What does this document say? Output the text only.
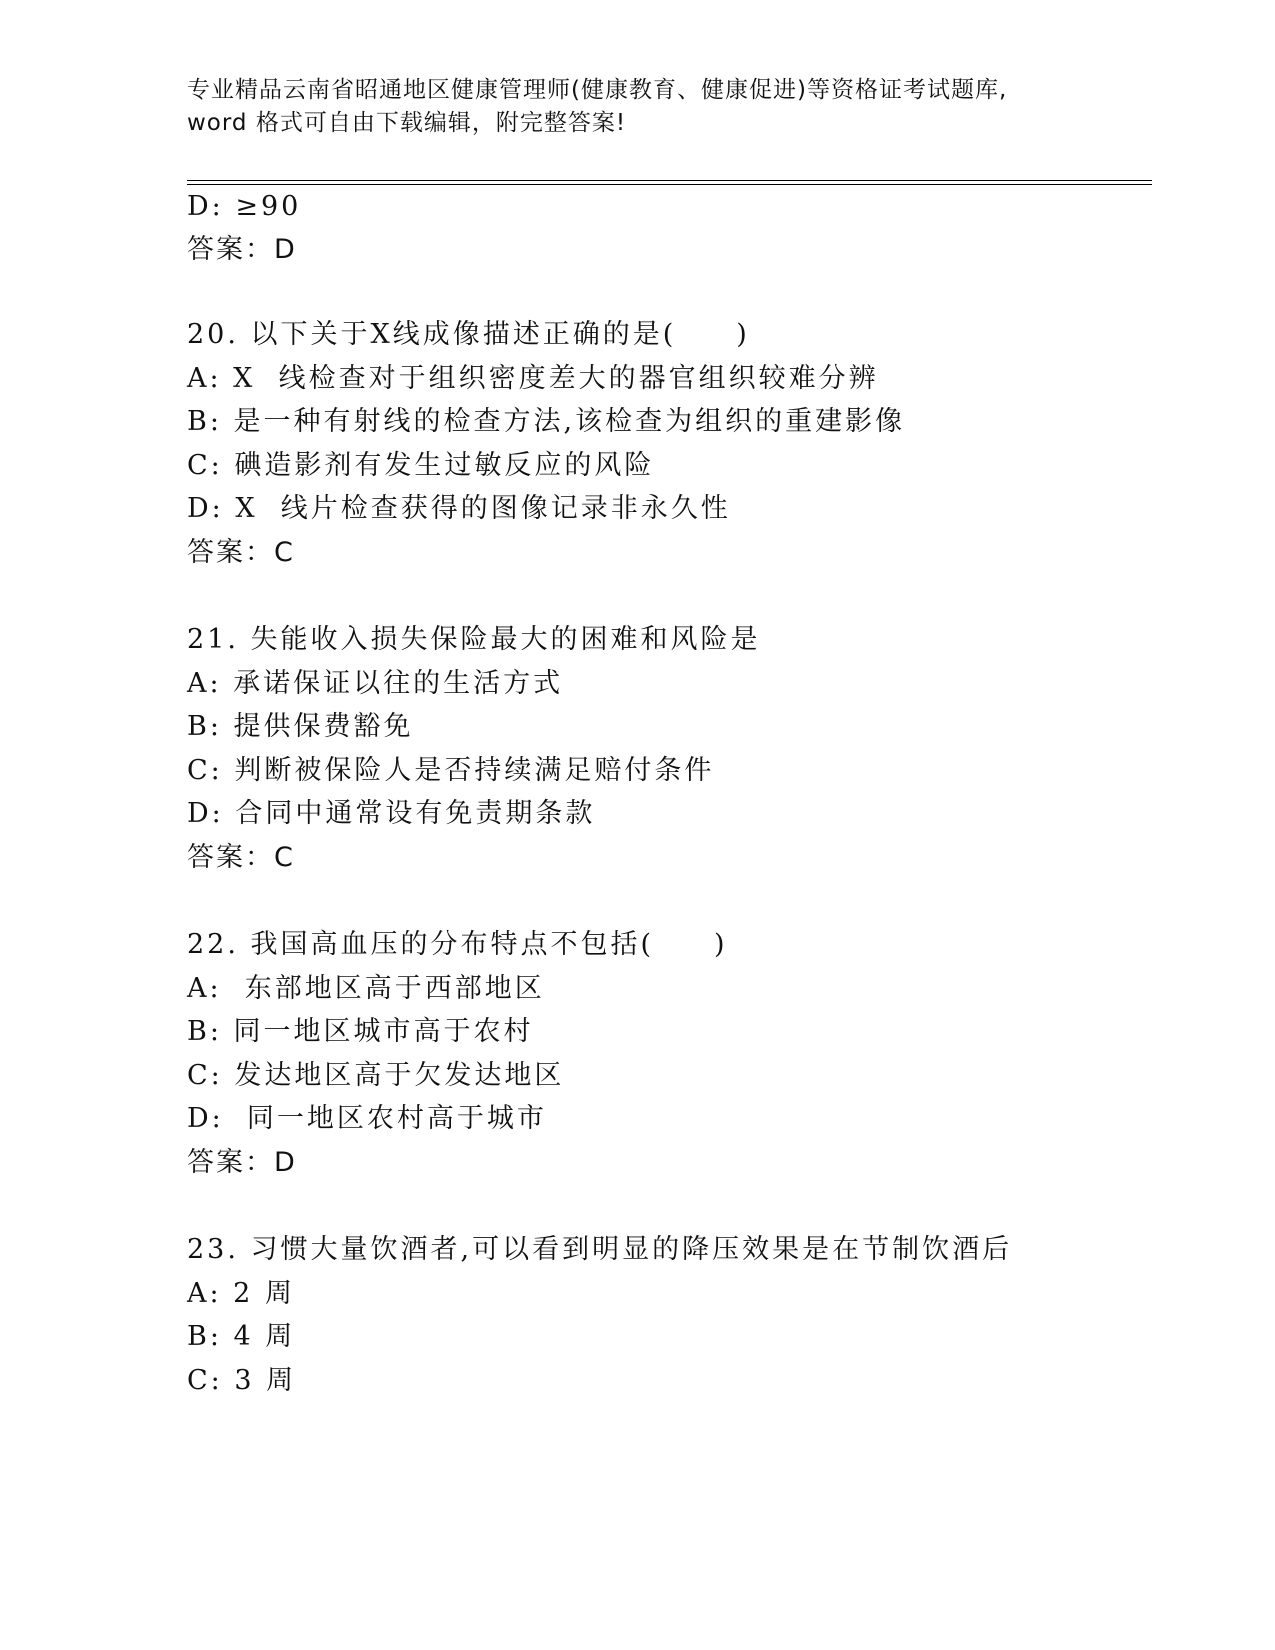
专业精品云南省昭通地区健康管理师(健康教育、健康促进)等资格证考试题库,
word 格式可自由下载编辑，附完整答案!
D: ≥90
答案：D
20. 以下关于X线成像描述正确的是(　　)
A: X  线检查对于组织密度差大的器官组织较难分辨
B: 是一种有射线的检查方法,该检查为组织的重建影像
C: 碘造影剂有发生过敏反应的风险
D: X  线片检查获得的图像记录非永久性
答案：C
21. 失能收入损失保险最大的困难和风险是
A: 承诺保证以往的生活方式
B: 提供保费豁免
C: 判断被保险人是否持续满足赔付条件
D: 合同中通常设有免责期条款
答案：C
22. 我国高血压的分布特点不包括(　　)
A:  东部地区高于西部地区
B: 同一地区城市高于农村
C: 发达地区高于欠发达地区
D:  同一地区农村高于城市
答案：D
23. 习惯大量饮酒者,可以看到明显的降压效果是在节制饮酒后
A: 2 周
B: 4 周
C: 3 周
